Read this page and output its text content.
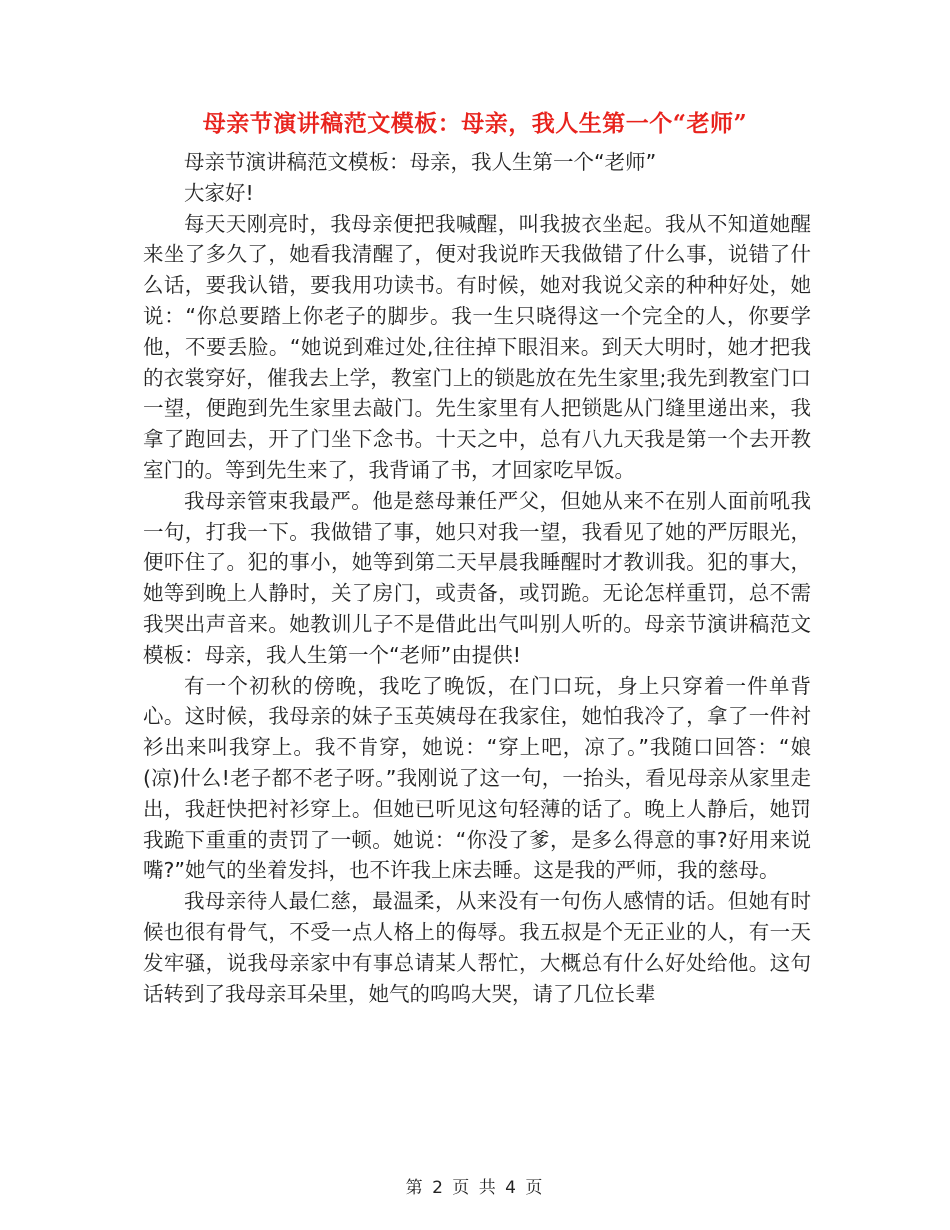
母亲节演讲稿范文模板：母亲，我人生第一个“老师”

母亲节演讲稿范文模板：母亲，我人生第一个“老师”

大家好!

每天天刚亮时，我母亲便把我喊醒，叫我披衣坐起。我从不知道她醒来坐了多久了，她看我清醒了，便对我说昨天我做错了什么事，说错了什么话，要我认错，要我用功读书。有时候，她对我说父亲的种种好处，她说：“你总要踏上你老子的脚步。我一生只晓得这一个完全的人，你要学他，不要丢脸。“她说到难过处,往往掉下眼泪来。到天大明时，她才把我的衣裳穿好，催我去上学，教室门上的锁匙放在先生家里;我先到教室门口一望，便跑到先生家里去敲门。先生家里有人把锁匙从门缝里递出来，我拿了跑回去，开了门坐下念书。十天之中，总有八九天我是第一个去开教室门的。等到先生来了，我背诵了书，才回家吃早饭。

我母亲管束我最严。他是慈母兼任严父，但她从来不在别人面前吼我一句，打我一下。我做错了事，她只对我一望，我看见了她的严厉眼光，便吓住了。犯的事小，她等到第二天早晨我睡醒时才教训我。犯的事大，她等到晚上人静时，关了房门，或责备，或罚跪。无论怎样重罚，总不需我哭出声音来。她教训儿子不是借此出气叫别人听的。母亲节演讲稿范文模板：母亲，我人生第一个“老师”由提供!

有一个初秋的傍晚，我吃了晚饭，在门口玩，身上只穿着一件单背心。这时候，我母亲的妹子玉英姨母在我家住，她怕我冷了，拿了一件衬衫出来叫我穿上。我不肯穿，她说：“穿上吧，凉了。”我随口回答：“娘(凉)什么!老子都不老子呀。”我刚说了这一句，一抬头，看见母亲从家里走出，我赶快把衬衫穿上。但她已听见这句轻薄的话了。晚上人静后，她罚我跪下重重的责罚了一顿。她说：“你没了爹，是多么得意的事?好用来说嘴?”她气的坐着发抖，也不许我上床去睡。这是我的严师，我的慈母。

我母亲待人最仁慈，最温柔，从来没有一句伤人感情的话。但她有时候也很有骨气，不受一点人格上的侮辱。我五叔是个无正业的人，有一天发牢骚，说我母亲家中有事总请某人帮忙，大概总有什么好处给他。这句话转到了我母亲耳朵里，她气的呜呜大哭，请了几位长辈

第 2 页 共 4 页
